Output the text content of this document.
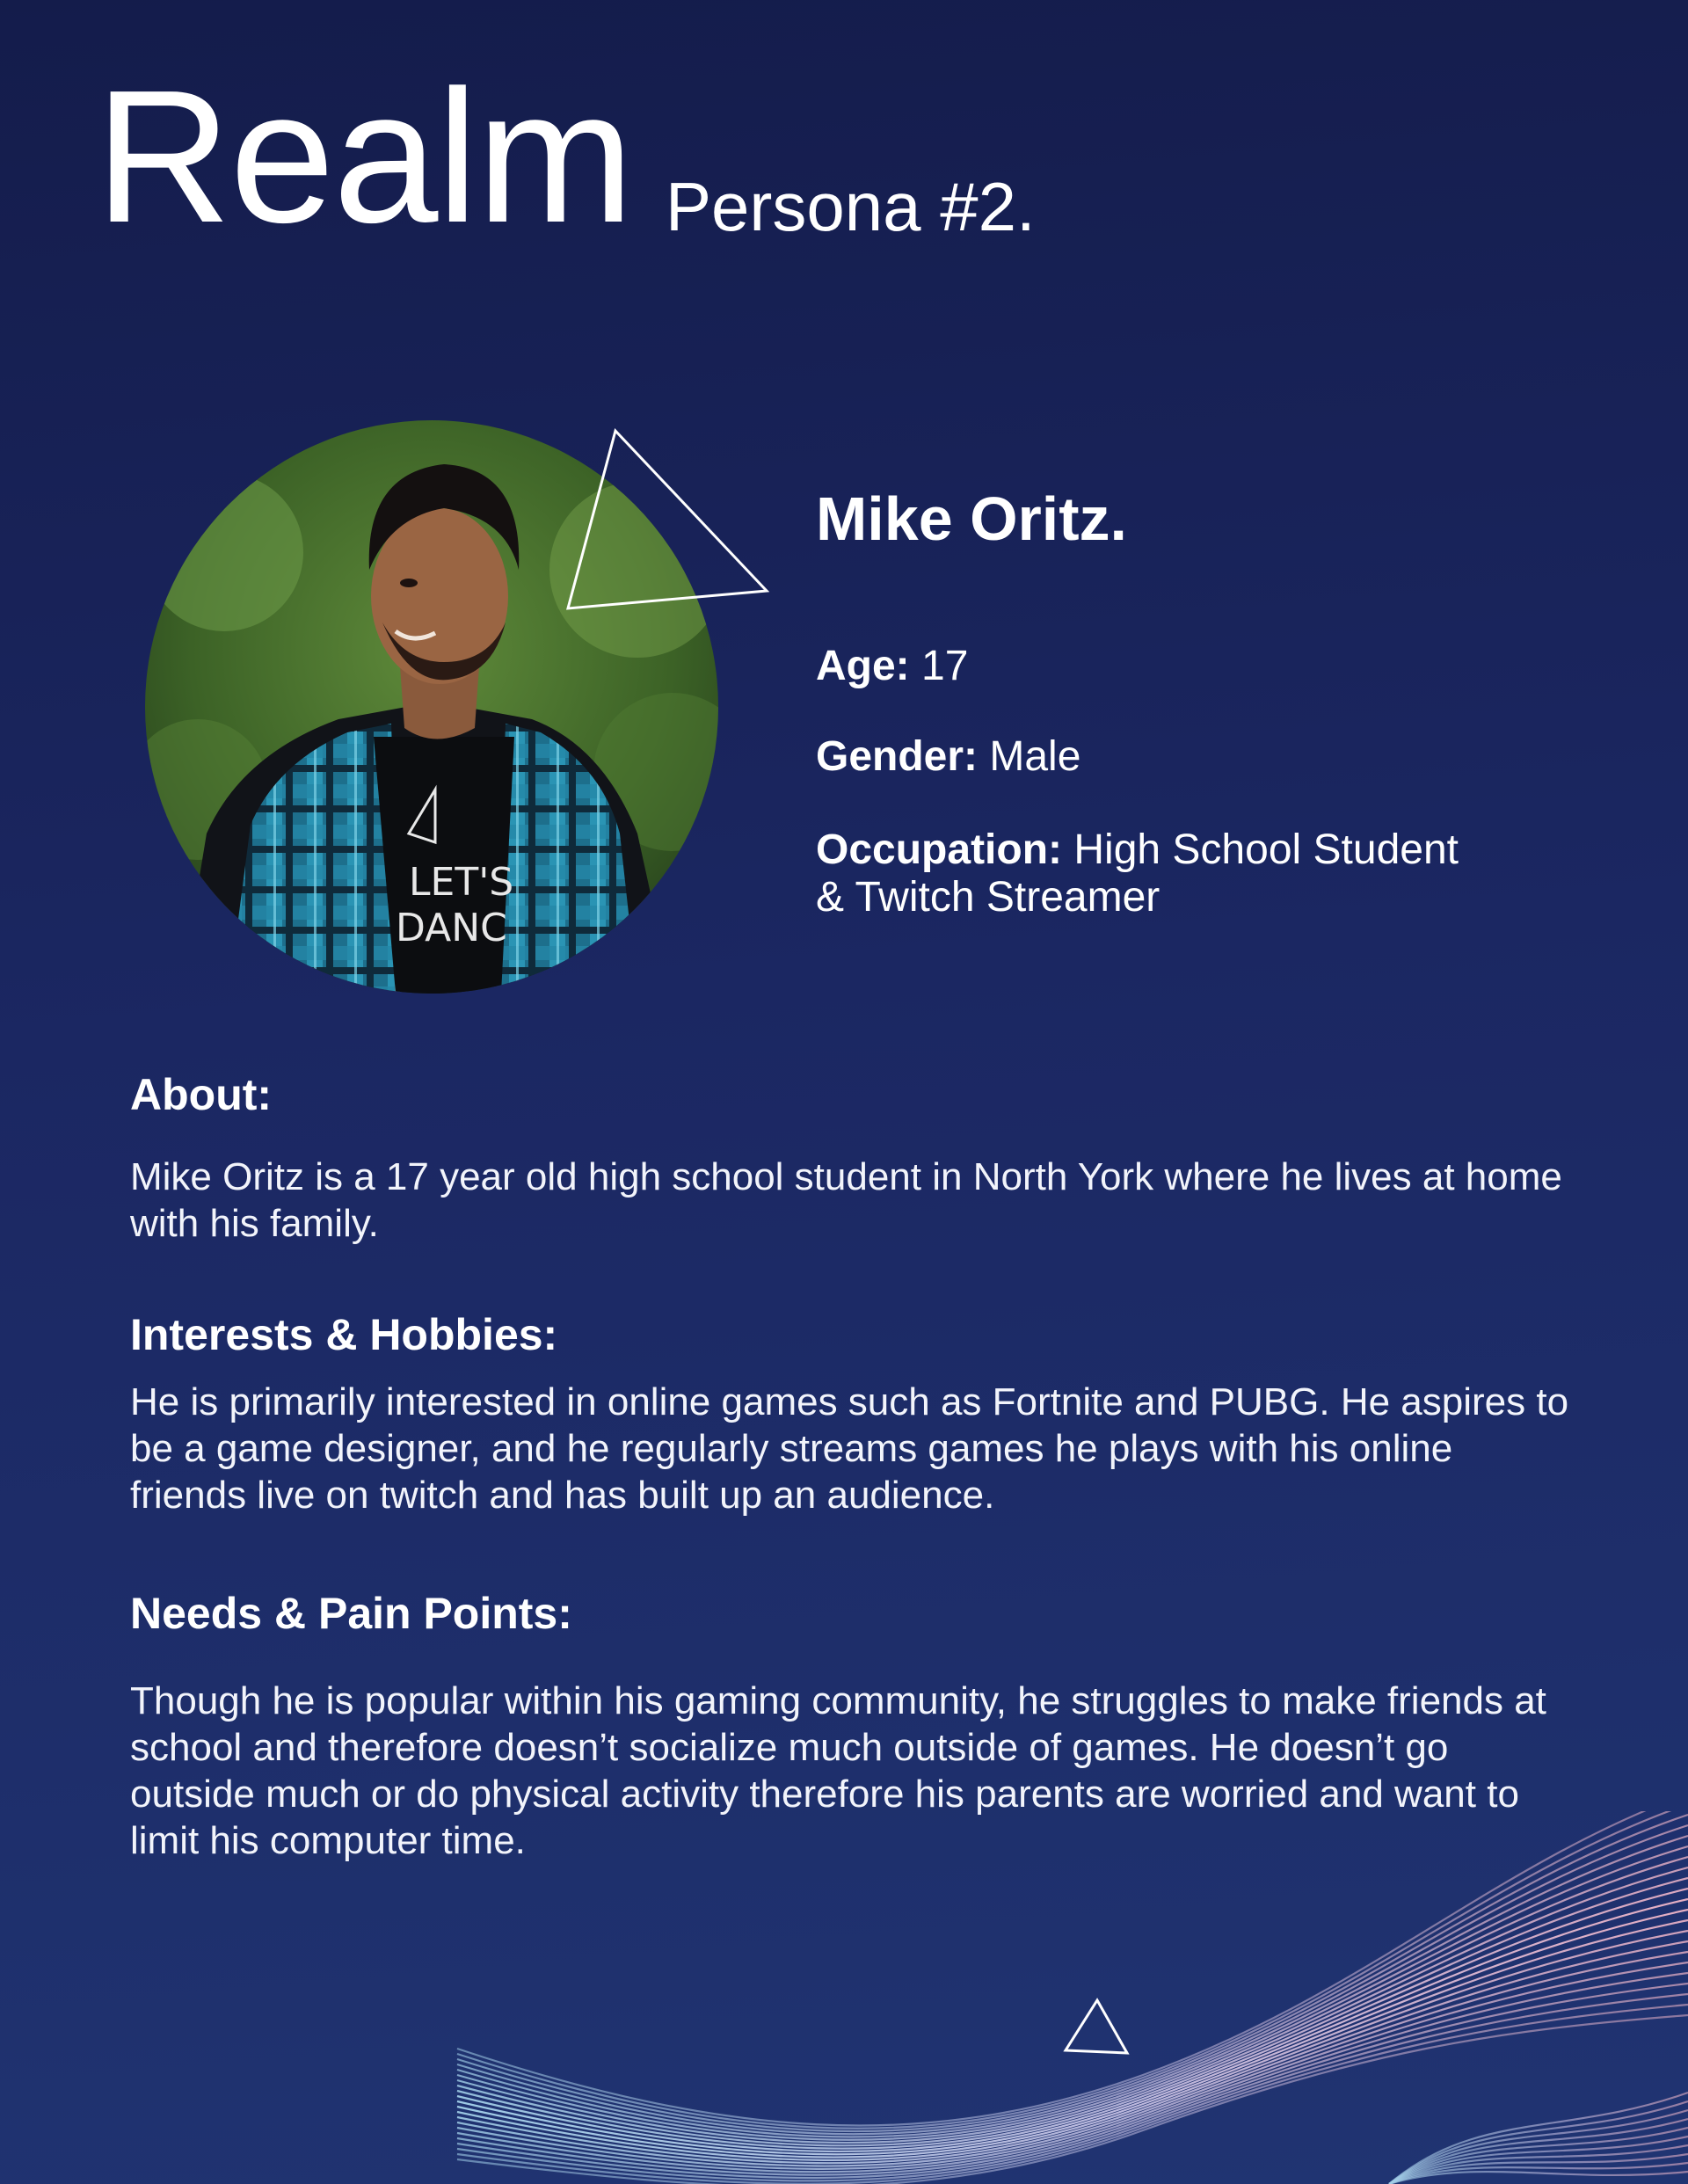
Realm Persona #2.
LET'S
DANC
Mike Oritz.
Age: 17
Gender: Male
Occupation: High School Student
& Twitch Streamer
About:
Mike Oritz is a 17 year old high school student in North York where he lives at home with his family.
Interests & Hobbies:
He is primarily interested in online games such as Fortnite and PUBG. He aspires to be a game designer, and he regularly streams games he plays with his online friends live on twitch and has built up an audience.
Needs & Pain Points:
Though he is popular within his gaming community, he struggles to make friends at school and therefore doesn’t socialize much outside of games. He doesn’t go outside much or do physical activity therefore his parents are worried and want to limit his computer time.
